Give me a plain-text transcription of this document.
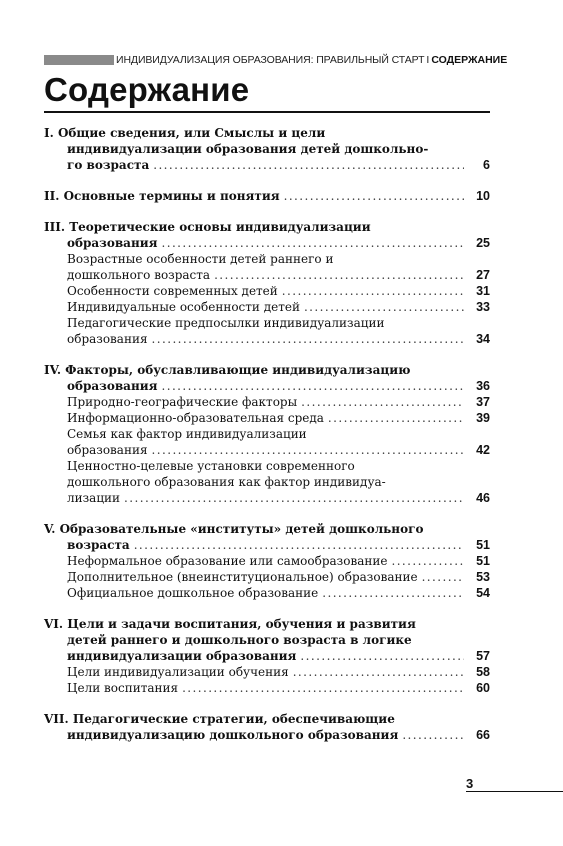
ИНДИВИДУАЛИЗАЦИЯ ОБРАЗОВАНИЯ: ПРАВИЛЬНЫЙ СТАРТ I СОДЕРЖАНИЕ
Содержание
I. Общие сведения, или Смыслы и цели
индивидуализации образования детей дошкольно-
го возраста . . .	6
II. Основные термины и понятия . . .	10
III. Теоретические основы индивидуализации
образования . . .	25
Возрастные особенности детей раннего и
дошкольного возраста . . .	27
Особенности современных детей . . .	31
Индивидуальные особенности детей . . .	33
Педагогические предпосылки индивидуализации
образования . . .	34
IV. Факторы, обуславливающие индивидуализацию
образования . . .	36
Природно-географические факторы . . .	37
Информационно-образовательная среда . . .	39
Семья как фактор индивидуализации
образования . . .	42
Ценностно-целевые установки современного
дошкольного образования как фактор индивидуа-
лизации . . .	46
V. Образовательные «институты» детей дошкольного
возраста . . .	51
Неформальное образование или самообразование . . .	51
Дополнительное (внеинституциональное) образование . . .	53
Официальное дошкольное образование . . .	54
VI. Цели и задачи воспитания, обучения и развития
детей раннего и дошкольного возраста в логике
индивидуализации образования . . .	57
Цели индивидуализации обучения . . .	58
Цели воспитания . . .	60
VII. Педагогические стратегии, обеспечивающие
индивидуализацию дошкольного образования . . .	66
3
